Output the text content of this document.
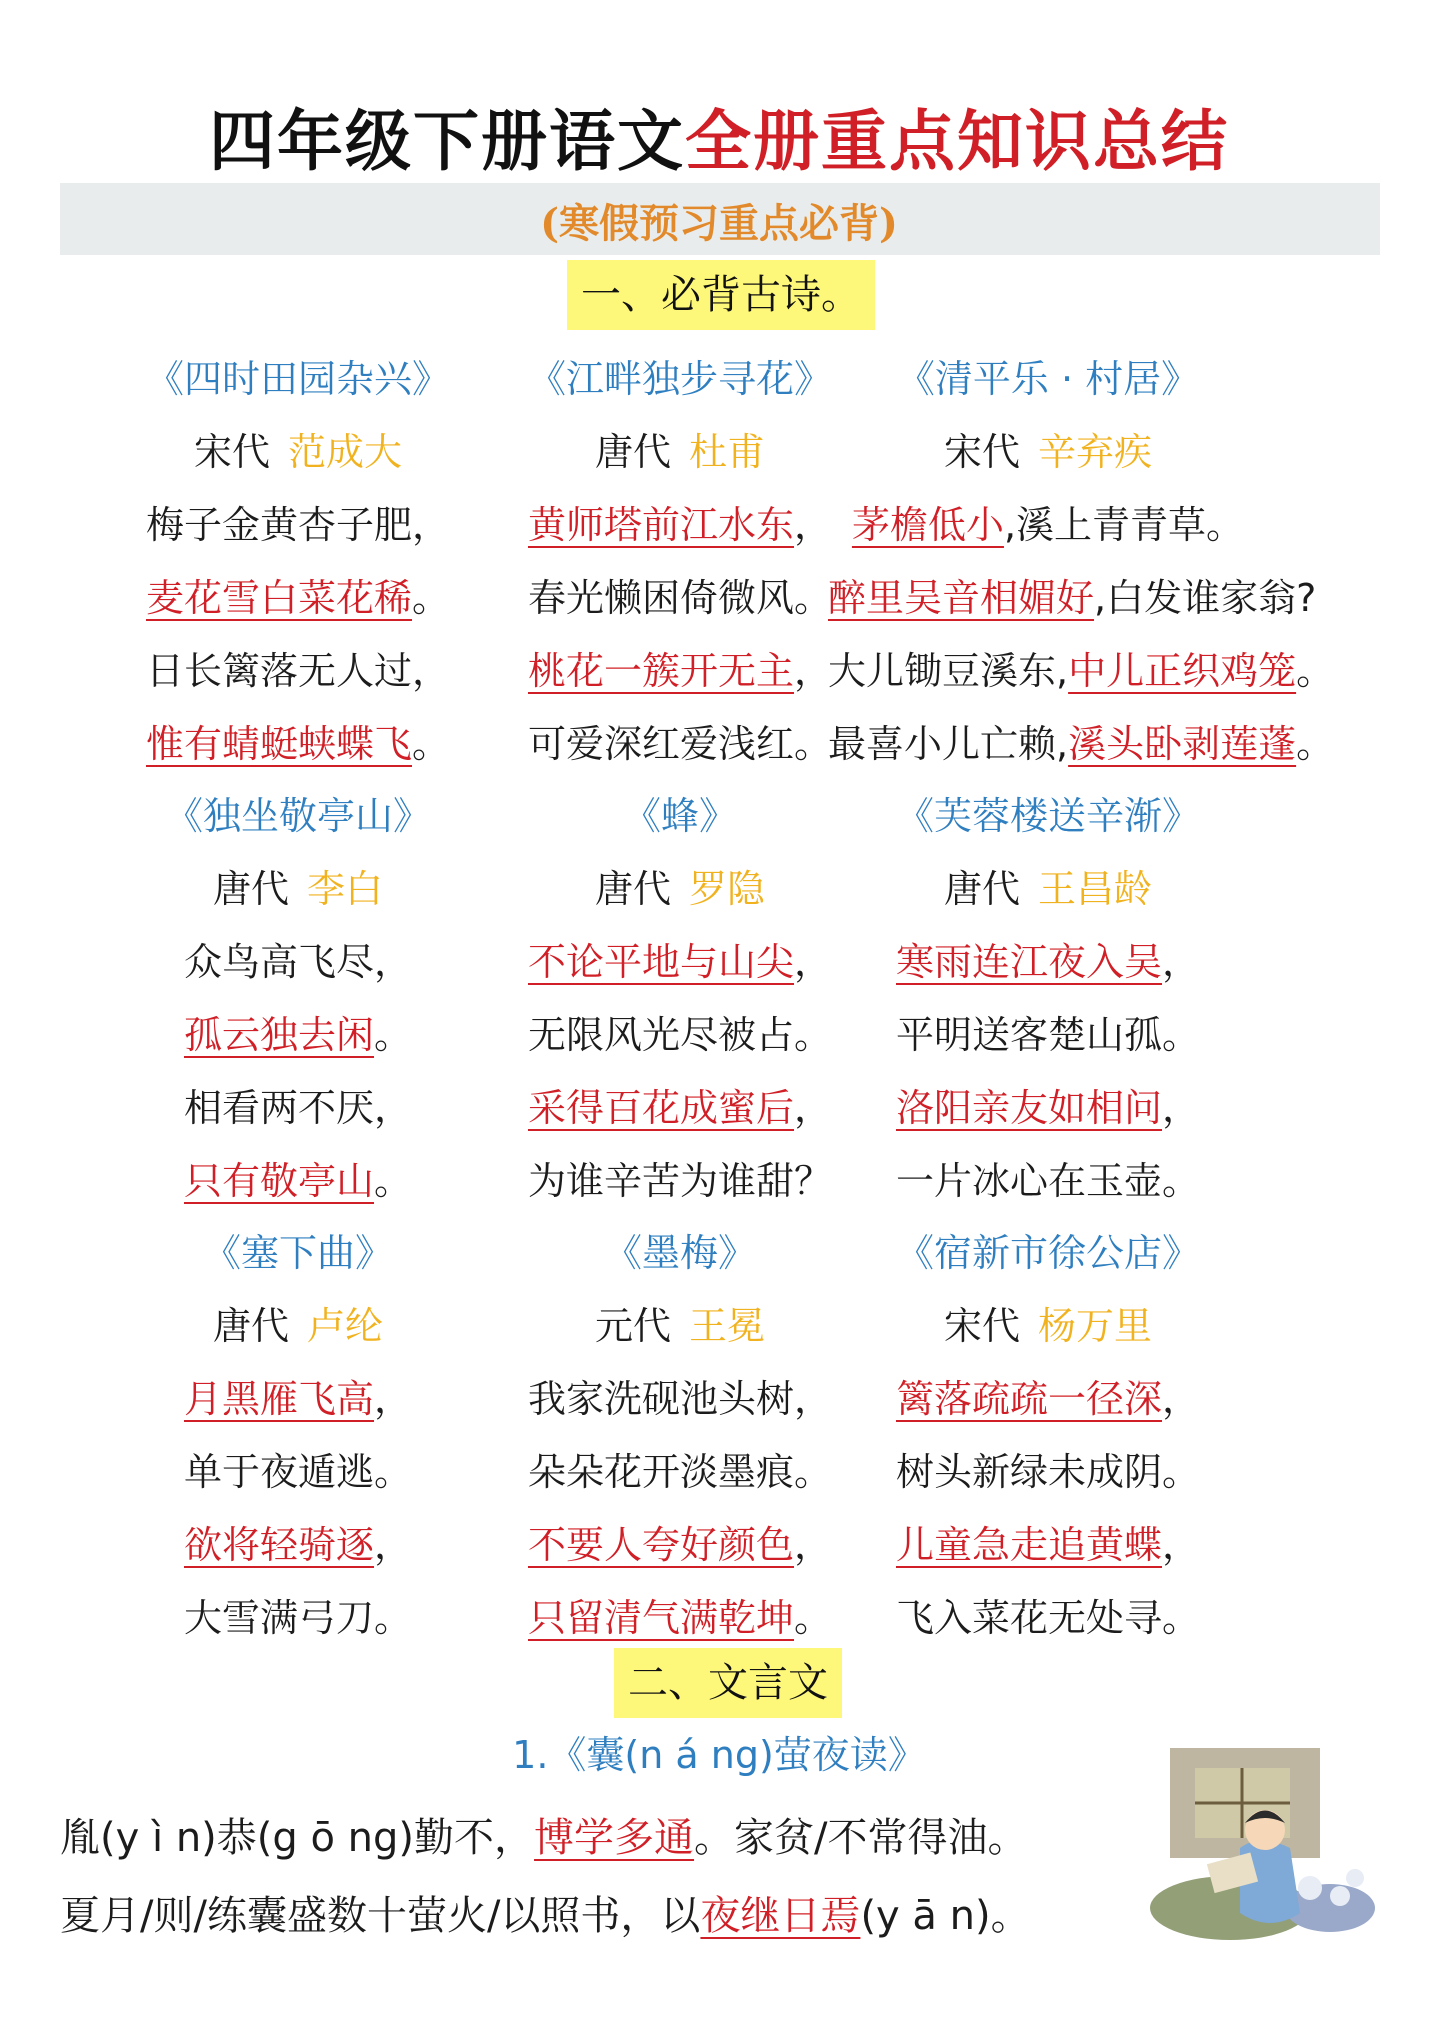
四年级下册语文全册重点知识总结
(寒假预习重点必背)
一、必背古诗。
《四时田园杂兴》
宋代 范成大
梅子金黄杏子肥，
麦花雪白菜花稀。
日长篱落无人过，
惟有蜻蜓蛱蝶飞。
《独坐敬亭山》
唐代 李白
众鸟高飞尽，
孤云独去闲。
相看两不厌，
只有敬亭山。
《塞下曲》
唐代 卢纶
月黑雁飞高，
单于夜遁逃。
欲将轻骑逐，
大雪满弓刀。
《江畔独步寻花》
唐代 杜甫
黄师塔前江水东，
春光懒困倚微风。
桃花一簇开无主，
可爱深红爱浅红。
《蜂》
唐代 罗隐
不论平地与山尖，
无限风光尽被占。
采得百花成蜜后，
为谁辛苦为谁甜？
《墨梅》
元代 王冕
我家洗砚池头树，
朵朵花开淡墨痕。
不要人夸好颜色，
只留清气满乾坤。
《清平乐 · 村居》
宋代 辛弃疾
茅檐低小,溪上青青草。
醉里吴音相媚好,白发谁家翁?
大儿锄豆溪东,中儿正织鸡笼。
最喜小儿亡赖,溪头卧剥莲蓬。
《芙蓉楼送辛渐》
唐代 王昌龄
寒雨连江夜入吴，
平明送客楚山孤。
洛阳亲友如相问，
一片冰心在玉壶。
《宿新市徐公店》
宋代 杨万里
篱落疏疏一径深，
树头新绿未成阴。
儿童急走追黄蝶，
飞入菜花无处寻。
二、文言文
1.《囊(n á ng)萤夜读》
胤(y ì n)恭(g ō ng)勤不，博学多通。家贫/不常得油。
夏月/则/练囊盛数十萤火/以照书，以夜继日焉(y ā n)。
